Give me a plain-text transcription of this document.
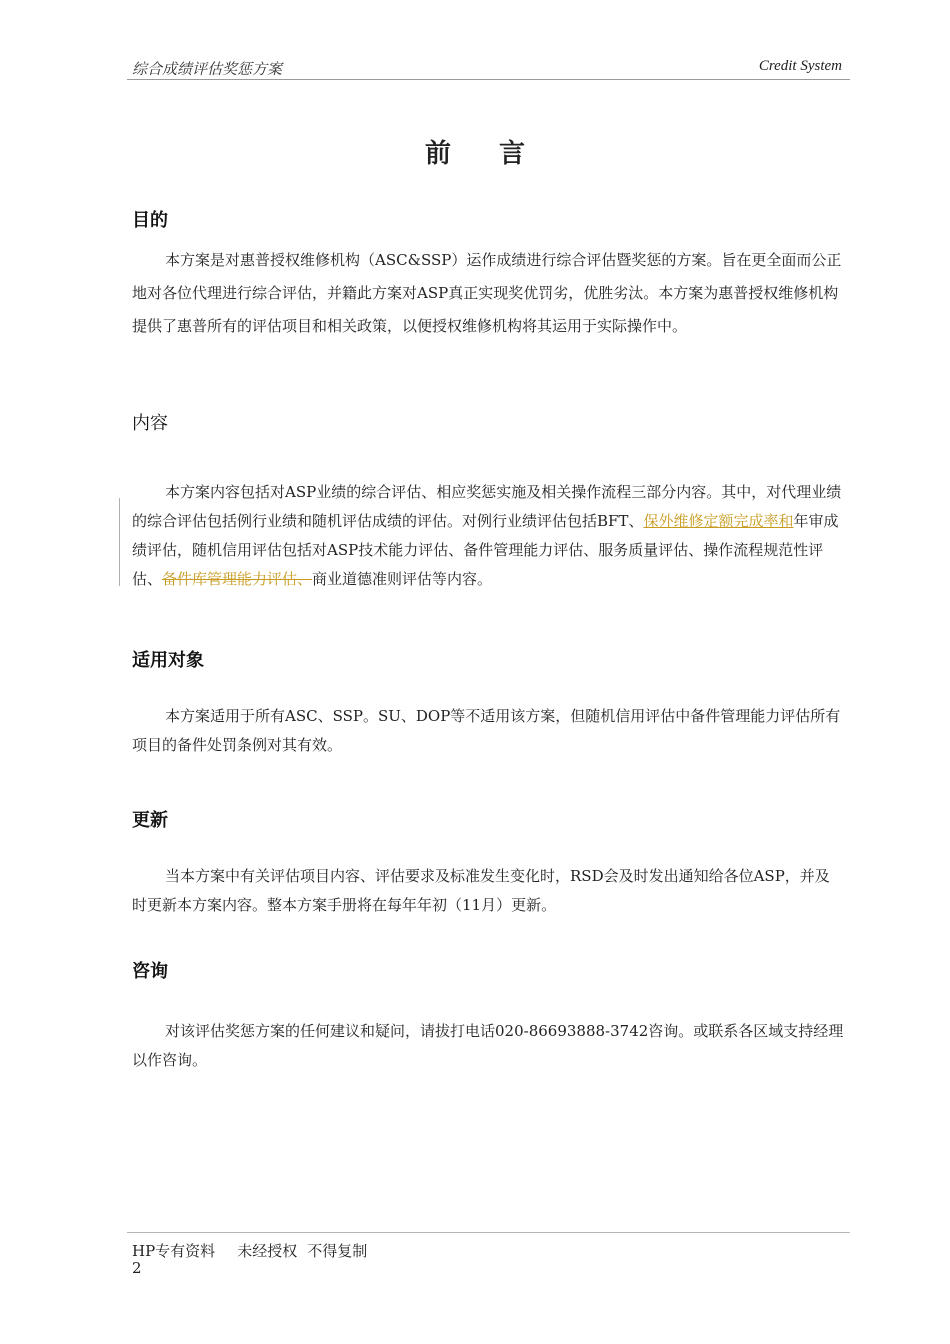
综合成绩评估奖惩方案	Credit System
前言
目的

本方案是对惠普授权维修机构（ASC&SSP）运作成绩进行综合评估暨奖惩的方案。旨在更全面而公正地对各位代理进行综合评估，并籍此方案对ASP真正实现奖优罚劣，优胜劣汰。本方案为惠普授权维修机构提供了惠普所有的评估项目和相关政策，以便授权维修机构将其运用于实际操作中。

内容

本方案内容包括对ASP业绩的综合评估、相应奖惩实施及相关操作流程三部分内容。其中，对代理业绩的综合评估包括例行业绩和随机评估成绩的评估。对例行业绩评估包括BFT、保外维修定额完成率和年审成绩评估，随机信用评估包括对ASP技术能力评估、备件管理能力评估、服务质量评估、操作流程规范性评估、备件库管理能力评估、商业道德准则评估等内容。

适用对象

本方案适用于所有ASC、SSP。SU、DOP等不适用该方案，但随机信用评估中备件管理能力评估所有项目的备件处罚条例对其有效。

更新

当本方案中有关评估项目内容、评估要求及标准发生变化时，RSD会及时发出通知给各位ASP，并及时更新本方案内容。整本方案手册将在每年年初（11月）更新。

咨询

对该评估奖惩方案的任何建议和疑问，请拔打电话020-86693888-3742咨询。或联系各区域支持经理以作咨询。

HP专有资料 未经授权 不得复制
2
